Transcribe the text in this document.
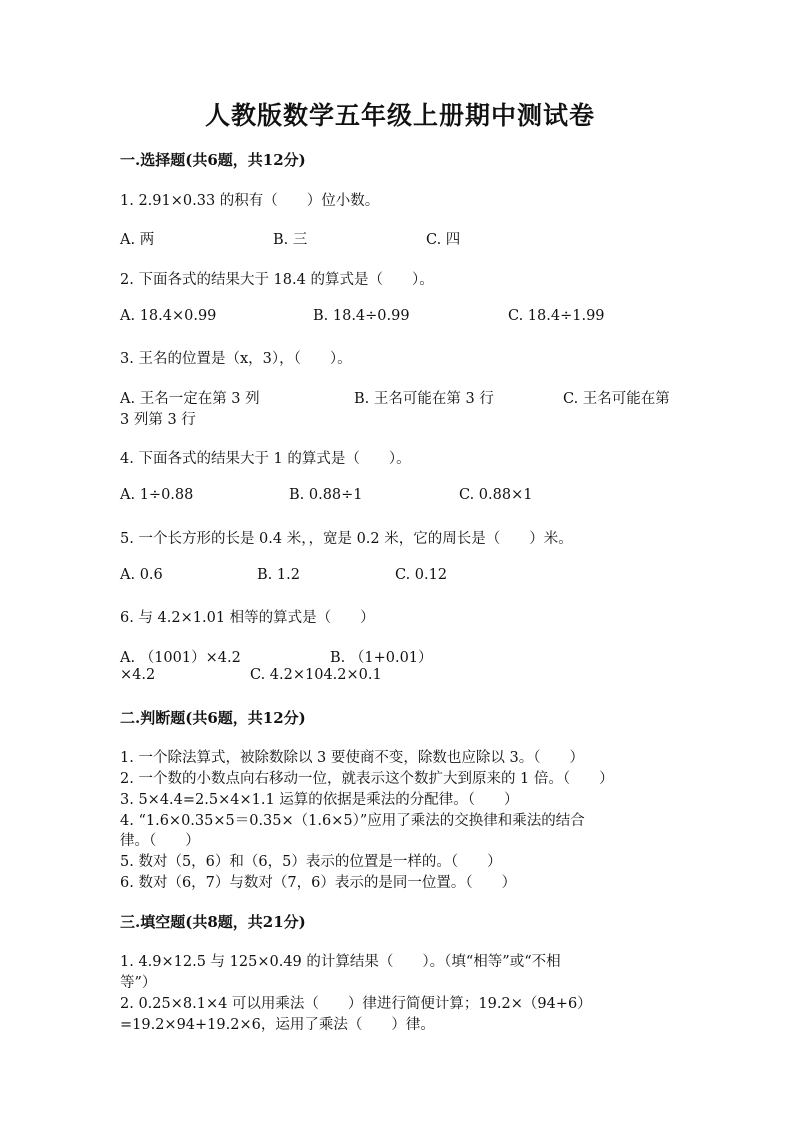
人教版数学五年级上册期中测试卷
一.选择题(共6题，共12分)
1. 2.91×0.33 的积有（　　）位小数。
A. 两	B. 三	C. 四
2. 下面各式的结果大于 18.4 的算式是（　　）。
A. 18.4×0.99	B. 18.4÷0.99	C. 18.4÷1.99
3. 王名的位置是（x，3），（　　）。
A. 王名一定在第 3 列	B. 王名可能在第 3 行	C. 王名可能在第
3 列第 3 行
4. 下面各式的结果大于 1 的算式是（　　）。
A. 1÷0.88	B. 0.88÷1	C. 0.88×1
5. 一个长方形的长是 0.4 米，，宽是 0.2 米，它的周长是（　　）米。
A. 0.6	B. 1.2	C. 0.12
6. 与 4.2×1.01 相等的算式是（　　）
A. （1001）×4.2	B. （1+0.01）
×4.2	C. 4.2×104.2×0.1
二.判断题(共6题，共12分)
1. 一个除法算式，被除数除以 3 要使商不变，除数也应除以 3。（　　）
2. 一个数的小数点向右移动一位，就表示这个数扩大到原来的 1 倍。（　　）
3. 5×4.4=2.5×4×1.1 运算的依据是乘法的分配律。（　　）
4. “1.6×0.35×5＝0.35×（1.6×5）”应用了乘法的交换律和乘法的结合
律。（　　）
5. 数对（5，6）和（6，5）表示的位置是一样的。（　　）
6. 数对（6，7）与数对（7，6）表示的是同一位置。（　　）
三.填空题(共8题，共21分)
1. 4.9×12.5 与 125×0.49 的计算结果（　　）。（填“相等”或“不相
等”）
2. 0.25×8.1×4 可以用乘法（　　）律进行简便计算；19.2×（94+6）
=19.2×94+19.2×6，运用了乘法（　　）律。
